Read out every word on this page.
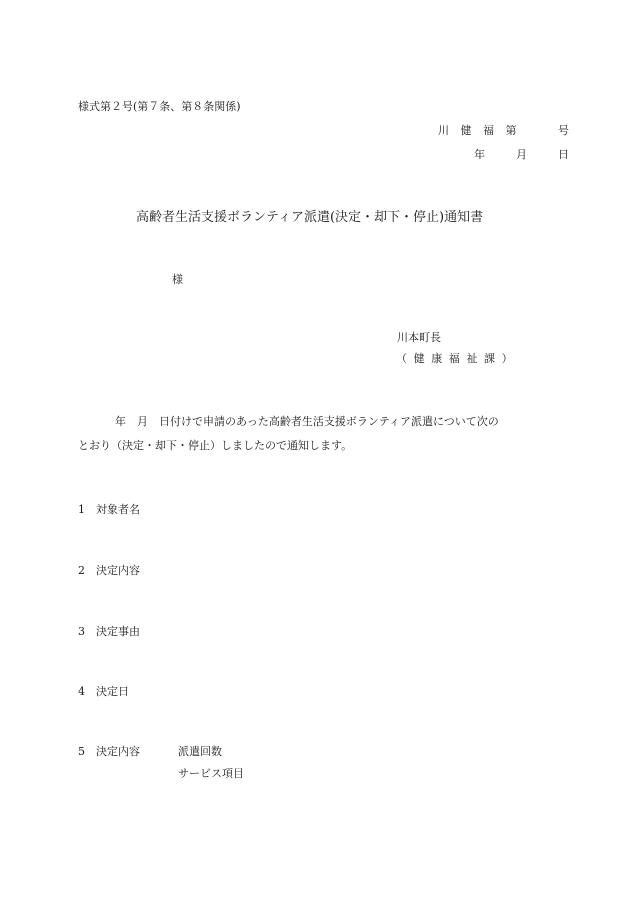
様式第２号(第７条、第８条関係)
川 健 福 第　　 号
年　　月　　日
高齢者生活支援ボランティア派遣(決定・却下・停止)通知書
様
川本町長
（健康福祉課）
年　月　日付けで申請のあった高齢者生活支援ボランティア派遣について次の
とおり（決定・却下・停止）しましたので通知します。
1 対象者名
2 決定内容
3 決定事由
4 決定日
5 決定内容	派遣回数
サービス項目
